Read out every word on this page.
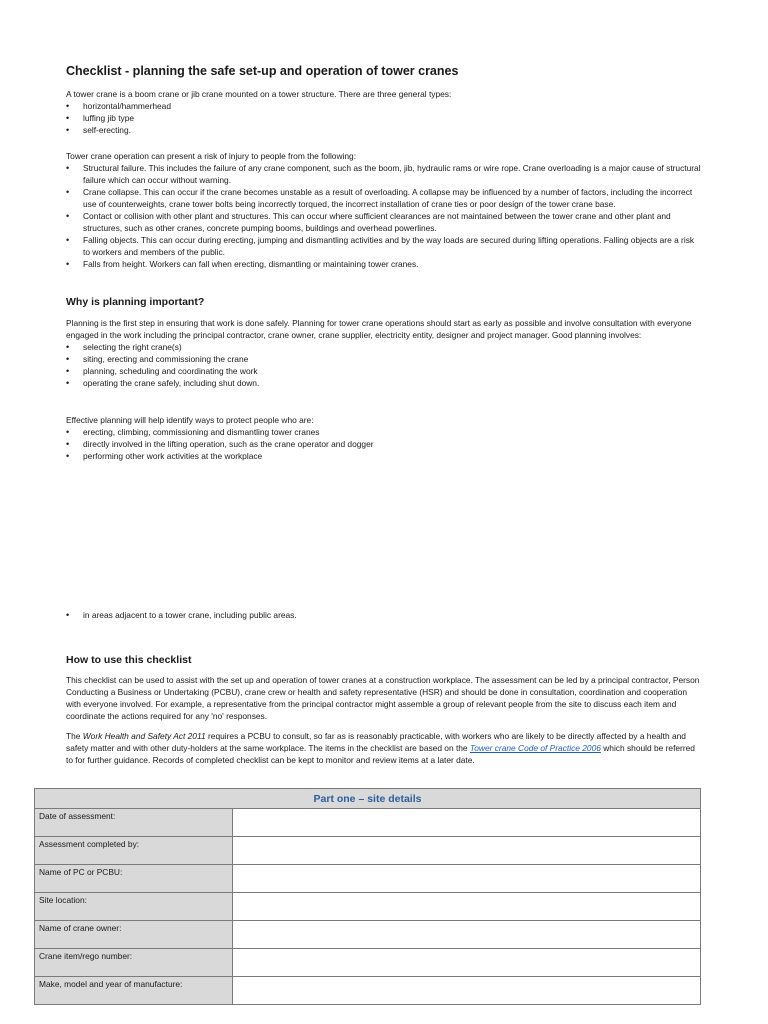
Checklist - planning the safe set-up and operation of tower cranes

A tower crane is a boom crane or jib crane mounted on a tower structure. There are three general types:

• horizontal/hammerhead
• luffing jib type
• self-erecting.

Tower crane operation can present a risk of injury to people from the following:

• Structural failure. This includes the failure of any crane component, such as the boom, jib, hydraulic rams or wire rope. Crane overloading is a major cause of structural failure which can occur without warning.
• Crane collapse. This can occur if the crane becomes unstable as a result of overloading. A collapse may be influenced by a number of factors, including the incorrect use of counterweights, crane tower bolts being incorrectly torqued, the incorrect installation of crane ties or poor design of the tower crane base.
• Contact or collision with other plant and structures. This can occur where sufficient clearances are not maintained between the tower crane and other plant and structures, such as other cranes, concrete pumping booms, buildings and overhead powerlines.
• Falling objects. This can occur during erecting, jumping and dismantling activities and by the way loads are secured during lifting operations. Falling objects are a risk to workers and members of the public.
• Falls from height. Workers can fall when erecting, dismantling or maintaining tower cranes.
Why is planning important?

Planning is the first step in ensuring that work is done safely. Planning for tower crane operations should start as early as possible and involve consultation with everyone engaged in the work including the principal contractor, crane owner, crane supplier, electricity entity, designer and project manager. Good planning involves:

• selecting the right crane(s)
• siting, erecting and commissioning the crane
• planning, scheduling and coordinating the work
• operating the crane safely, including shut down.

Effective planning will help identify ways to protect people who are:

• erecting, climbing, commissioning and dismantling tower cranes
• directly involved in the lifting operation, such as the crane operator and dogger
• performing other work activities at the workplace
• in areas adjacent to a tower crane, including public areas.
How to use this checklist

This checklist can be used to assist with the set up and operation of tower cranes at a construction workplace. The assessment can be led by a principal contractor, Person Conducting a Business or Undertaking (PCBU), crane crew or health and safety representative (HSR) and should be done in consultation, coordination and cooperation with everyone involved. For example, a representative from the principal contractor might assemble a group of relevant people from the site to discuss each item and coordinate the actions required for any 'no' responses.

The Work Health and Safety Act 2011 requires a PCBU to consult, so far as is reasonably practicable, with workers who are likely to be directly affected by a health and safety matter and with other duty-holders at the same workplace. The items in the checklist are based on the Tower crane Code of Practice 2006 which should be referred to for further guidance. Records of completed checklist can be kept to monitor and review items at a later date.

Part one – site details	
Date of assessment:	
Assessment completed by:	
Name of PC or PCBU:	
Site location:	
Name of crane owner:	
Crane item/rego number:	
Make, model and year of manufacture:	
